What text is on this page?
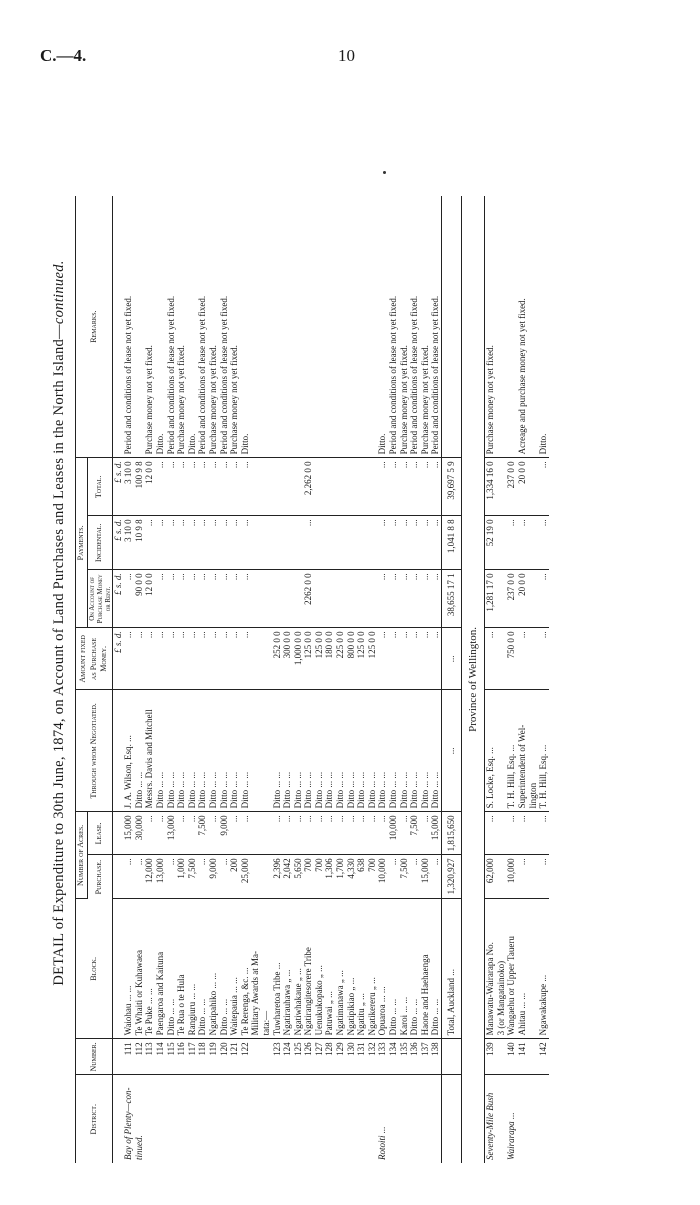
C.—4.	10
DETAIL of Expenditure to 30th June, 1874, on Account of Land Purchases and Leases in the North Island—continued.
District.	Number.	Block.	Number of Acres.		Through whom Negotiated.	Amount fixed as Purchase Money.	Payments.			Remarks.
			Purchase.	Lease.			On Account of Purchase Money or Rent.	Incidental.	Total.	
						£ s. d.	£ s. d.	£ s. d.	£ s. d.	
Bay of Plenty—con-	111	Waiohau ... ...	...	15,000	J. A. Wilson, Esq. ...	...	...	3 10 0	3 10 0	Period and conditions of lease not yet fixed.
tinued.	112	Te Whaiti or Kuhawaea	...	30,000	Ditto ... ...	...	90 0 0	10 9 8	100 9 8	
	113	Te Puke ... ...	12,000	...	Messrs. Davis and Mitchell	...	12 0 0	...	12 0 0	Purchase money not yet fixed.
	114	Paengaroa and Kaituna	13,000	...	Ditto ... ...	...	...	...	...	Ditto.
	115	Ditto ... ...	...	13,000	Ditto ... ...	...	...	...	...	Period and conditions of lease not yet fixed.
	116	Te Rua o te Hula	1,000	...	Ditto ... ...	...	...	...	...	Purchase money not yet fixed.
	117	Rangiuru ... ...	7,500	...	Ditto ... ...	...	...	...	...	Ditto.
	118	Ditto ... ...	...	7,500	Ditto ... ...	...	...	...	...	Period and conditions of lease not yet fixed.
	119	Ngatipahiko ... ...	9,000	...	Ditto ... ...	...	...	...	...	Purchase money not yet fixed.
	120	Ditto ... ...	...	9,000	Ditto ... ...	...	...	...	...	Period and conditions of lease not yet fixed.
	121	Waitepauia ... ...	200	...	Ditto ... ...	...	...	...	...	Purchase money not yet fixed.
	122	Te Rerenga, &c. ...	25,000	...	Ditto ... ...	...	...	...	...	Ditto.
		Military Awards at Ma-								
		tata:—								
	123	Tuwharetoa Tribe ...	2,396	...	Ditto ... ...	252 0 0				
	124	Ngatirauhawa „ ...	2,042	...	Ditto ... ...	300 0 0				
	125	Ngatiwhakaue „ ...	5,650	...	Ditto ... ...	1,000 0 0				
	126	Ngatirangitesorere Tribe	700	...	Ditto ... ...	125 0 0	2262 0 0	...	2,262 0 0	
	127	Uenukukopako „ ...	700	...	Ditto ... ...	125 0 0				
	128	Patuwai „ ...	1,306	...	Ditto ... ...	180 0 0				
	129	Ngatimanawa „ ...	1,700	...	Ditto ... ...	225 0 0				
	130	Ngatipikiao „ ...	4,330	...	Ditto ... ...	800 0 0				
	131	Ngatitu „ ...	638	...	Ditto ... ...	125 0 0				
	132	Ngatikereru „ ...	700	...	Ditto ... ...	125 0 0				
Rotoiti ...	133	Opuaroa ... ...	10,000	...	Ditto ... ...	...	...	...	...	Ditto.
	134	Ditto ... ...	...	10,000	Ditto ... ...	...	...	...	...	Period and conditions of lease not yet fixed.
	135	Karoi ... ...	7,500	...	Ditto ... ...	...	...	...	...	Purchase money not yet fixed.
	136	Ditto ... ...	...	7,500	Ditto ... ...	...	...	...	...	Period and conditions of lease not yet fixed.
	137	Haone and Haehaenga	15,000	...	Ditto ... ...	...	...	...	...	Purchase money not yet fixed.
	138	Ditto ... ...	...	15,000	Ditto ... ...	...	...	...	...	Period and conditions of lease not yet fixed.
		Total, Auckland ...	1,320,927	1,815,650	...	...	38,655 17 1	1,041 8 8	39,697 5 9	
Province of Wellington.										
Seventy-Mile Bush	139	Manawatu-Wairarapa No.	62,000	...	S. Locke, Esq. ...	...	1,281 17 0	52 19 0	1,334 16 0	Purchase money not yet fixed.
		3 (or Mangatainoko)								
Wairarapa ...	140	Wangaehu or Upper Taueru	10,000	...	T. H. Hill, Esq. ...	750 0 0	237 0 0	...	237 0 0	
	141	Ahitau ... ...	...	...	Superintendent of Wel-	...	20 0 0	...	20 0 0	Acreage and purchase money not yet fixed.
					lington					
	142	Ngawakakupe ...	...	...	T. H. Hill, Esq. ...	...	...	...	...	Ditto.
